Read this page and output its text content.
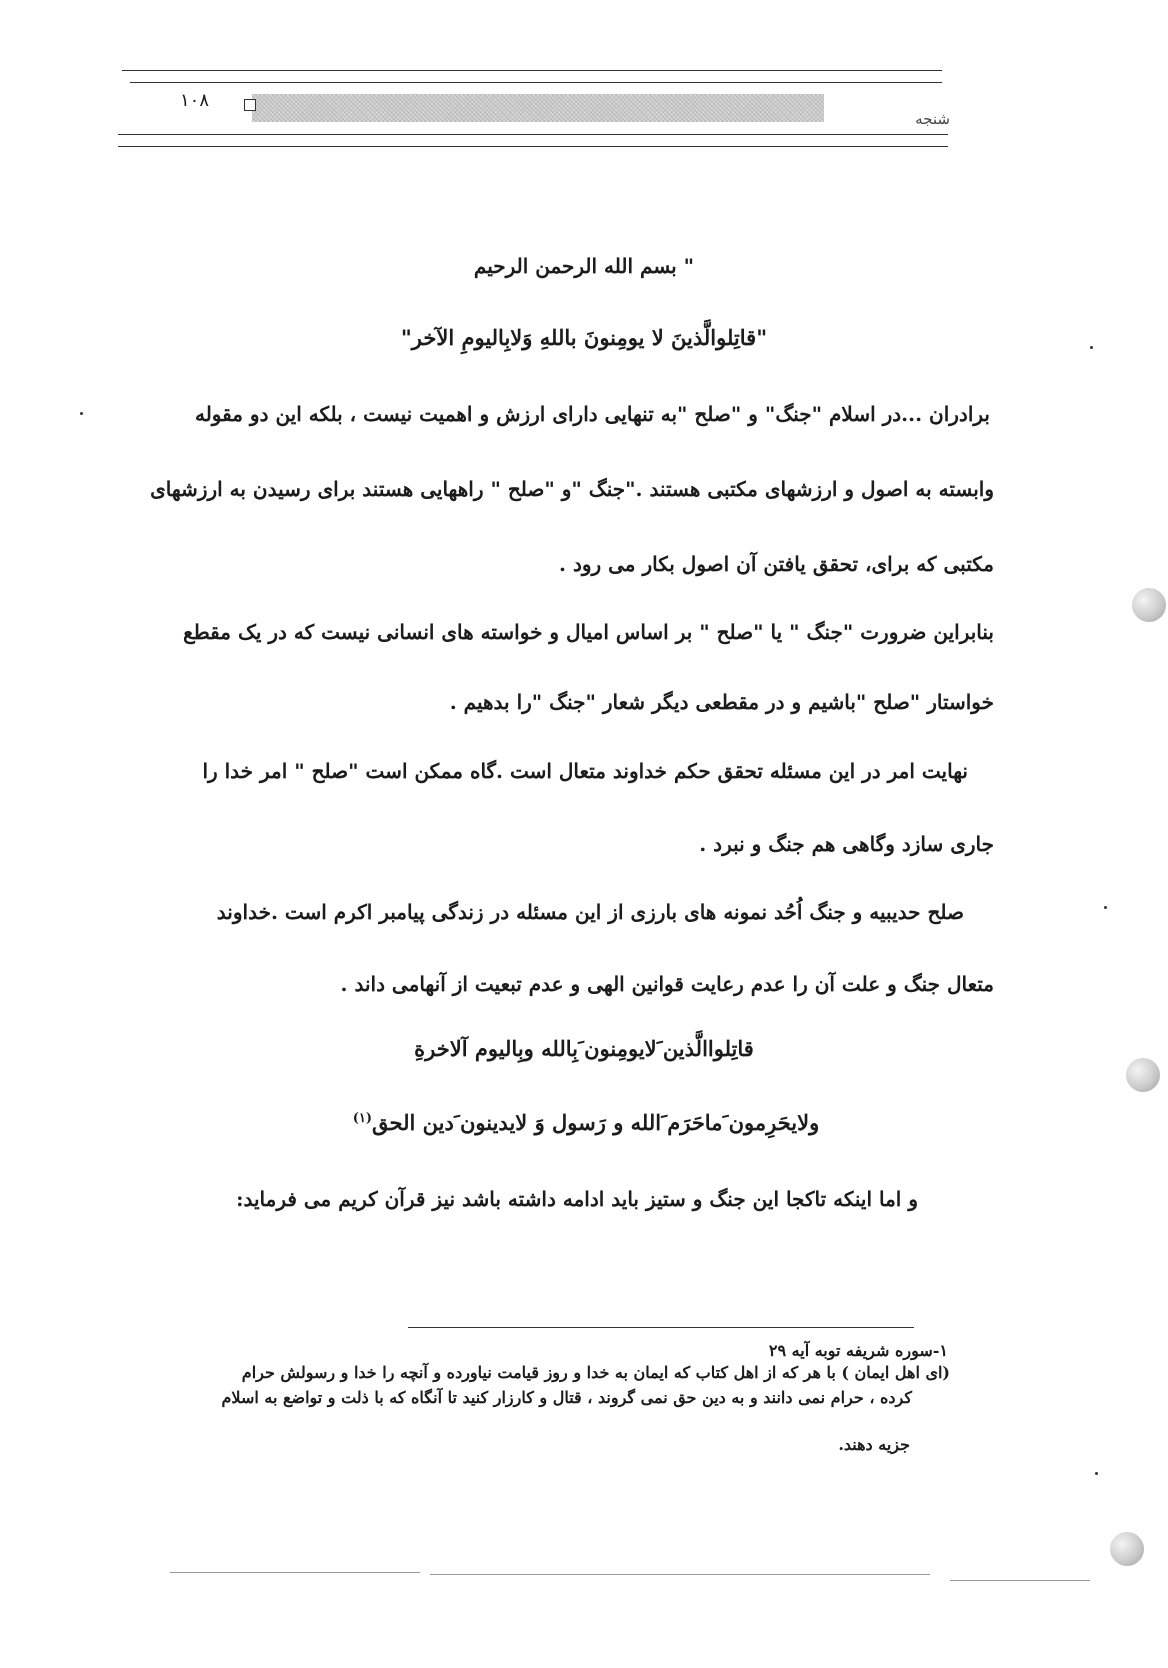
۱۰۸
شنجه
" بسم الله الرحمن الرحیم
"قاتِلوالَّذینَ لا یومِنونَ باللهِ وَلابِالیومِ الآخر"
برادران ...در اسلام "جنگ" و "صلح "به تنهایی دارای ارزش و اهمیت نیست ، بلکه این دو مقوله
وابسته به اصول و ارزشهای مکتبی هستند ."جنگ "و "صلح " راههایی هستند برای رسیدن به ارزشهای
مکتبی که برای، تحقق یافتن آن اصول بکار می رود .
بنابراین ضرورت "جنگ " یا "صلح " بر اساس امیال و خواسته های انسانی نیست که در یک مقطع
خواستار "صلح "باشیم و در مقطعی دیگر شعار "جنگ "را بدهیم .
نهایت امر در این مسئله تحقق حکم خداوند متعال است .گاه ممکن است "صلح " امر خدا را
جاری سازد وگاهی هم جنگ و نبرد .
صلح حدیبیه و جنگ اُحُد نمونه های بارزی از این مسئله در زندگی پیامبر اکرم است .خداوند
متعال جنگ و علت آن را عدم رعایت قوانین الهی و عدم تبعیت از آنهامی داند .
قاتِلواالَّذین َلایومِنون َبِالله وبِالیوم آلاخرةِ
ولایحَرِمون َماحَرَم َالله و رَسول وَ لایدینون َدین الحق$^{(۱)}$
و اما اینکه تاکجا این جنگ و ستیز باید ادامه داشته باشد نیز قرآن کریم می فرماید:
۱-سوره شریفه توبه آیه ۲۹
(ای اهل ایمان ) با هر که از اهل کتاب که ایمان به خدا و روز قیامت نیاورده و آنچه را خدا و رسولش حرام
کرده ، حرام نمی دانند و به دین حق نمی گروند ، قتال و کارزار کنید تا آنگاه که با ذلت و تواضع به اسلام
جزیه دهند.
